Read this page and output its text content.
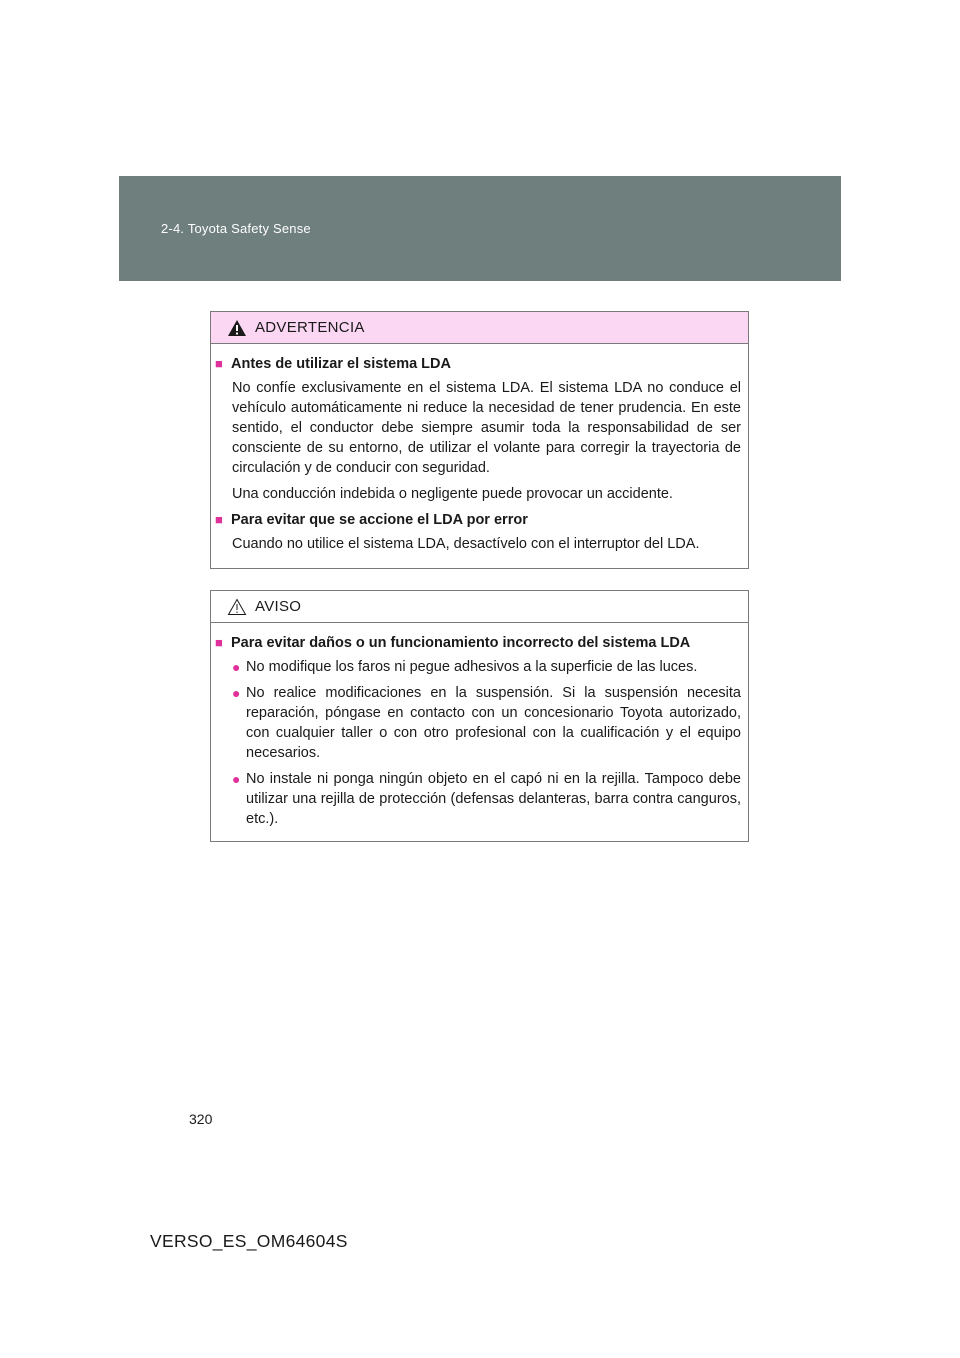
2-4. Toyota Safety Sense
ADVERTENCIA
■ Antes de utilizar el sistema LDA

No confíe exclusivamente en el sistema LDA. El sistema LDA no conduce el vehículo automáticamente ni reduce la necesidad de tener prudencia. En este sentido, el conductor debe siempre asumir toda la responsabilidad de ser consciente de su entorno, de utilizar el volante para corregir la trayectoria de circulación y de conducir con seguridad.

Una conducción indebida o negligente puede provocar un accidente.

■ Para evitar que se accione el LDA por error

Cuando no utilice el sistema LDA, desactívelo con el interruptor del LDA.

AVISO
■ Para evitar daños o un funcionamiento incorrecto del sistema LDA
● No modifique los faros ni pegue adhesivos a la superficie de las luces.
● No realice modificaciones en la suspensión. Si la suspensión necesita reparación, póngase en contacto con un concesionario Toyota autorizado, con cualquier taller o con otro profesional con la cualificación y el equipo necesarios.
● No instale ni ponga ningún objeto en el capó ni en la rejilla. Tampoco debe utilizar una rejilla de protección (defensas delanteras, barra contra canguros, etc.).
320
VERSO_ES_OM64604S
